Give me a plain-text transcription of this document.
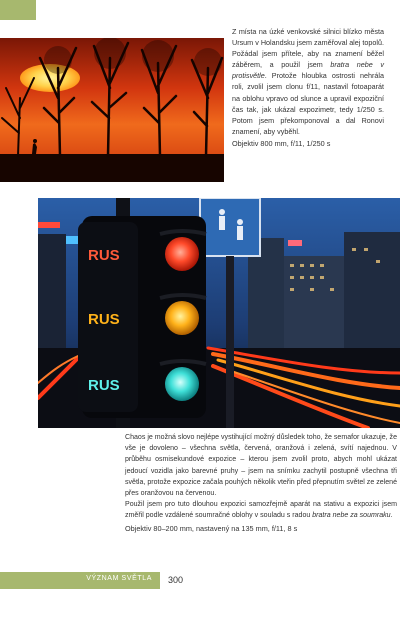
Z místa na úzké venkovské silnici blízko města Ursum v Holandsku jsem zaměřoval alej topolů. Požádal jsem přítele, aby na znamení běžel záběrem, a použil jsem bratra nebe v protisvětle. Protože hloubka ostrosti nehrála roli, zvolil jsem clonu f/11, nastavil fotoaparát na oblohu vpravo od slunce a upravil expoziční čas tak, jak ukázal expozimetr, tedy 1/250 s. Potom jsem překomponoval a dal Ronovi znamení, aby vyběhl.

Objektiv 800 mm, f/11, 1/250 s

RUS
RUS
RUS

Chaos je možná slovo nejlépe vystihující možný důsledek toho, že semafor ukazuje, že vše je dovoleno – všechna světla, červená, oranžová i zelená, svítí najednou. V průběhu osmisekundové expozice – kterou jsem zvolil proto, abych mohl ukázat jedoucí vozidla jako barevné pruhy – jsem na snímku zachytil postupně všechna tři světla, protože expozice začala pouhých několik vteřin před přepnutím světel ze zelené přes oranžovou na červenou.

Použil jsem pro tuto dlouhou expozici samozřejmě aparát na stativu a expozici jsem změřil podle vzdálené soumračné oblohy v souladu s radou bratra nebe za soumraku.

Objektiv 80–200 mm, nastavený na 135 mm, f/11, 8 s

VÝZNAM SVĚTLA 300
